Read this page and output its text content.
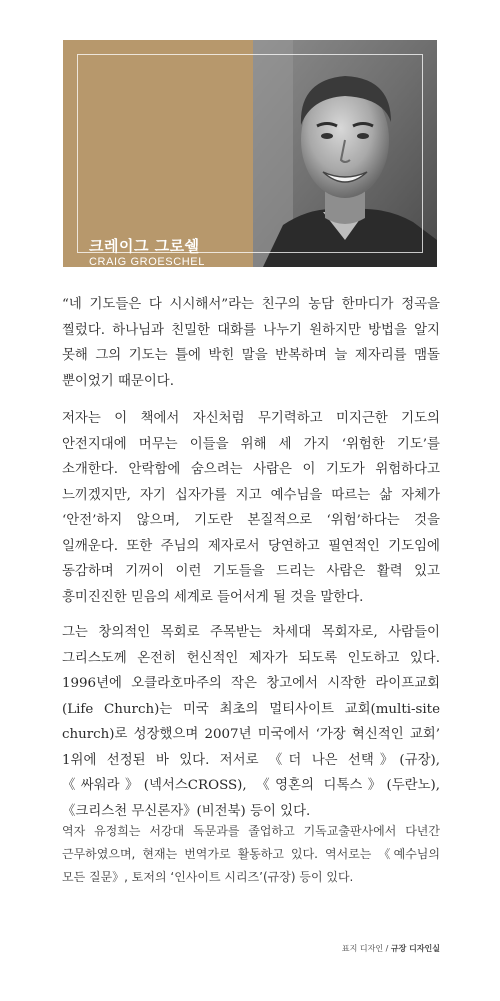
크레이그 그로쉘
CRAIG GROESCHEL

“네 기도들은 다 시시해서”라는 친구의 농담 한마디가 정곡을 찔렀다. 하나님과 친밀한 대화를 나누기 원하지만 방법을 알지 못해 그의 기도는 틀에 박힌 말을 반복하며 늘 제자리를 맴돌 뿐이었기 때문이다.

저자는 이 책에서 자신처럼 무기력하고 미지근한 기도의 안전지대에 머무는 이들을 위해 세 가지 ‘위험한 기도’를 소개한다. 안락함에 숨으려는 사람은 이 기도가 위험하다고 느끼겠지만, 자기 십자가를 지고 예수님을 따르는 삶 자체가 ‘안전’하지 않으며, 기도란 본질적으로 ‘위험’하다는 것을 일깨운다. 또한 주님의 제자로서 당연하고 필연적인 기도임에 동감하며 기꺼이 이런 기도들을 드리는 사람은 활력 있고 흥미진진한 믿음의 세계로 들어서게 될 것을 말한다.

그는 창의적인 목회로 주목받는 차세대 목회자로, 사람들이 그리스도께 온전히 헌신적인 제자가 되도록 인도하고 있다. 1996년에 오클라호마주의 작은 창고에서 시작한 라이프교회(Life Church)는 미국 최초의 멀티사이트 교회(multi-site church)로 성장했으며 2007년 미국에서 ‘가장 혁신적인 교회’ 1위에 선정된 바 있다. 저서로 《더 나은 선택》(규장), 《싸워라》(넥서스CROSS), 《영혼의 디톡스》(두란노), 《크리스천 무신론자》(비전북) 등이 있다.

역자 유정희는 서강대 독문과를 졸업하고 기독교출판사에서 다년간 근무하였으며, 현재는 번역가로 활동하고 있다. 역서로는 《예수님의 모든 질문》, 토저의 ‘인사이트 시리즈’(규장) 등이 있다.

표지 디자인 / 규장 디자인실
